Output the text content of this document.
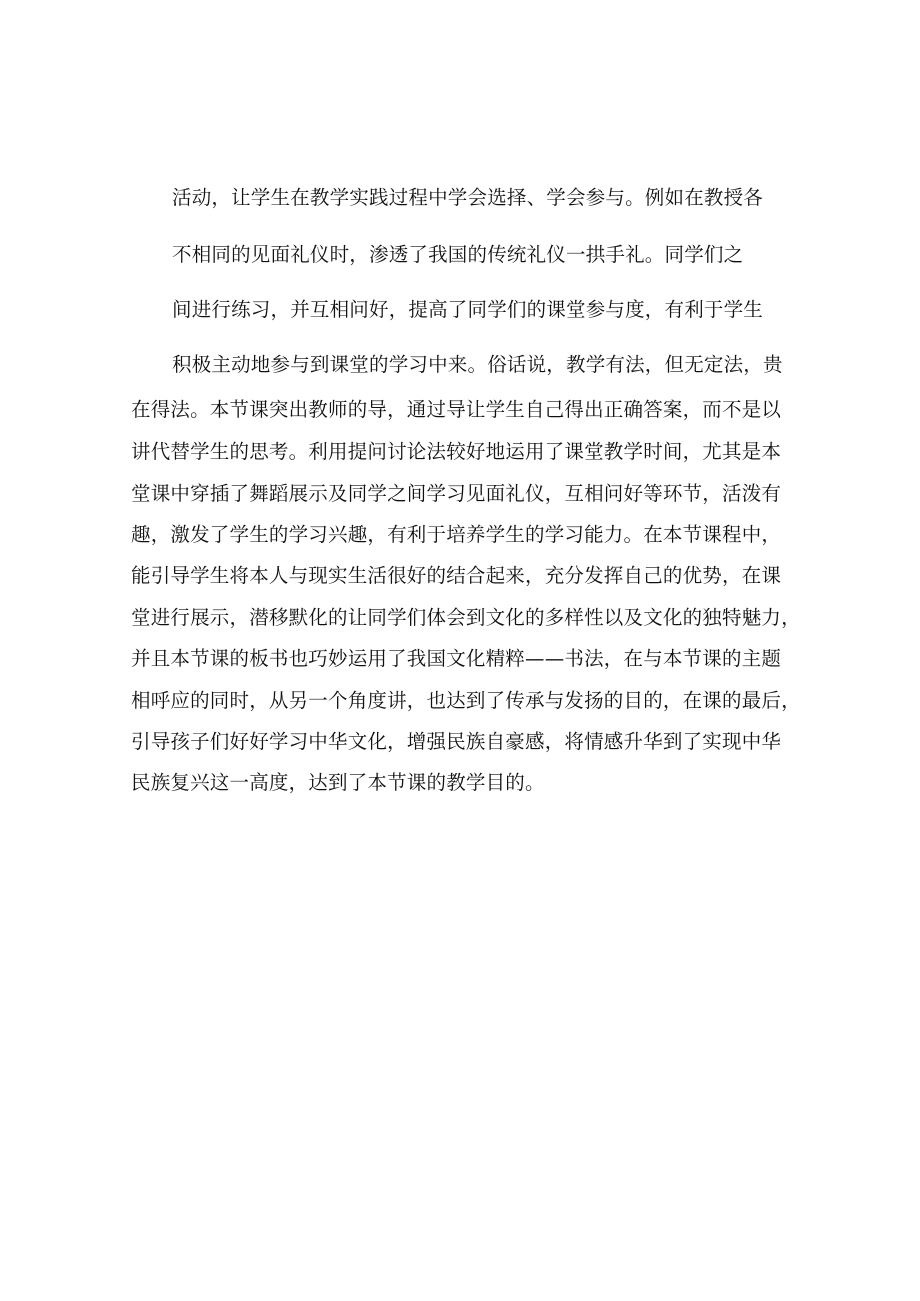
活动，让学生在教学实践过程中学会选择、学会参与。例如在教授各
不相同的见面礼仪时，渗透了我国的传统礼仪一拱手礼。同学们之
间进行练习，并互相问好，提高了同学们的课堂参与度，有利于学生
积极主动地参与到课堂的学习中来。俗话说，教学有法，但无定法，贵
在得法。本节课突出教师的导，通过导让学生自己得出正确答案，而不是以
讲代替学生的思考。利用提问讨论法较好地运用了课堂教学时间，尤其是本
堂课中穿插了舞蹈展示及同学之间学习见面礼仪，互相问好等环节，活泼有
趣，激发了学生的学习兴趣，有利于培养学生的学习能力。在本节课程中，
能引导学生将本人与现实生活很好的结合起来，充分发挥自己的优势，在课
堂进行展示，潜移默化的让同学们体会到文化的多样性以及文化的独特魅力，
并且本节课的板书也巧妙运用了我国文化精粹——书法，在与本节课的主题
相呼应的同时，从另一个角度讲，也达到了传承与发扬的目的，在课的最后，
引导孩子们好好学习中华文化，增强民族自豪感，将情感升华到了实现中华
民族复兴这一高度，达到了本节课的教学目的。
